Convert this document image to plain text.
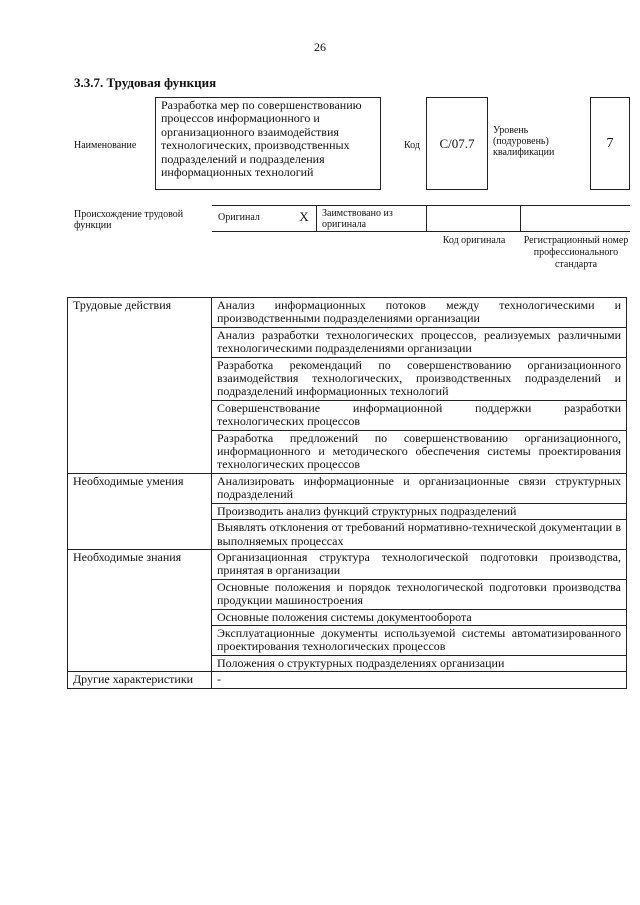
26
3.3.7. Трудовая функция
Наименование
Разработка мер по совершенствованию процессов информационного и организационного взаимодействия технологических, производственных подразделений и подразделения информационных технологий
Код C/07.7
Уровень (подуровень) квалификации
7
Происхождение трудовой функции
Оригинал	X	Заимствовано из оригинала
Код оригинала	Регистрационный номер профессионального стандарта
Трудовые действия	Анализ информационных потоков между технологическими и производственными подразделениями организации
	Анализ разработки технологических процессов, реализуемых различными технологическими подразделениями организации
	Разработка рекомендаций по совершенствованию организационного взаимодействия технологических, производственных подразделений и подразделений информационных технологий
	Совершенствование информационной поддержки разработки технологических процессов
	Разработка предложений по совершенствованию организационного, информационного и методического обеспечения системы проектирования технологических процессов
Необходимые умения	Анализировать информационные и организационные связи структурных подразделений
	Производить анализ функций структурных подразделений
	Выявлять отклонения от требований нормативно-технической документации в выполняемых процессах
Необходимые знания	Организационная структура технологической подготовки производства, принятая в организации
	Основные положения и порядок технологической подготовки производства продукции машиностроения
	Основные положения системы документооборота
	Эксплуатационные документы используемой системы автоматизированного проектирования технологических процессов
	Положения о структурных подразделениях организации
Другие характеристики	-
